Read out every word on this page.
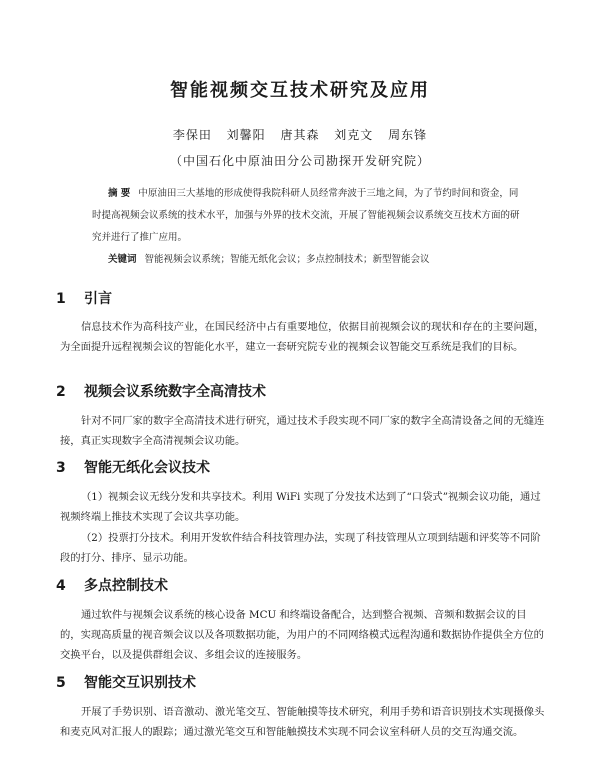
智能视频交互技术研究及应用
李保田 刘馨阳 唐其森 刘克文 周东锋
（中国石化中原油田分公司勘探开发研究院）
摘 要 中原油田三大基地的形成使得我院科研人员经常奔波于三地之间，为了节约时间和资金，同时提高视频会议系统的技术水平，加强与外界的技术交流，开展了智能视频会议系统交互技术方面的研究并进行了推广应用。
关键词 智能视频会议系统；智能无纸化会议；多点控制技术；新型智能会议
1 引言
信息技术作为高科技产业，在国民经济中占有重要地位，依据目前视频会议的现状和存在的主要问题，为全面提升远程视频会议的智能化水平，建立一套研究院专业的视频会议智能交互系统是我们的目标。
2 视频会议系统数字全高清技术
针对不同厂家的数字全高清技术进行研究，通过技术手段实现不同厂家的数字全高清设备之间的无缝连接，真正实现数字全高清视频会议功能。
3 智能无纸化会议技术
（1）视频会议无线分发和共享技术。利用 WiFi 实现了分发技术达到了“口袋式”视频会议功能，通过视频终端上推技术实现了会议共享功能。
（2）投票打分技术。利用开发软件结合科技管理办法，实现了科技管理从立项到结题和评奖等不同阶段的打分、排序、显示功能。
4 多点控制技术
通过软件与视频会议系统的核心设备 MCU 和终端设备配合，达到整合视频、音频和数据会议的目的，实现高质量的视音频会议以及各项数据功能，为用户的不同网络模式远程沟通和数据协作提供全方位的交换平台，以及提供群组会议、多组会议的连接服务。
5 智能交互识别技术
开展了手势识别、语音激动、激光笔交互、智能触摸等技术研究，利用手势和语音识别技术实现摄像头和麦克风对汇报人的跟踪；通过激光笔交互和智能触摸技术实现不同会议室科研人员的交互沟通交流。
